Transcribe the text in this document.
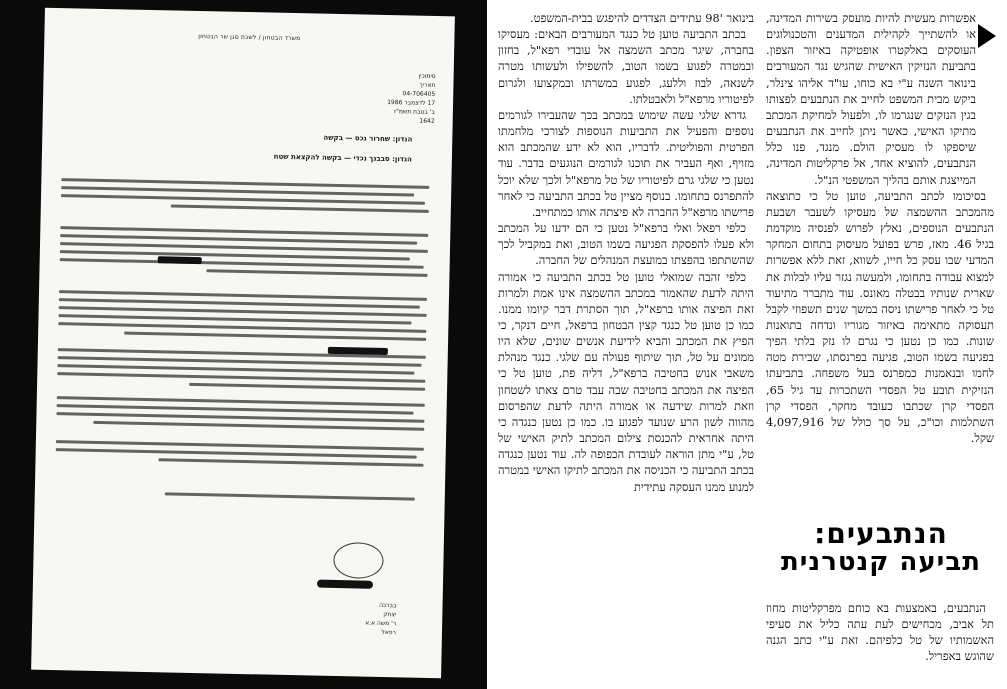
משרד הבטחון / לשכת סגן שר הבטחון
סימוכין
תאריך
04-706405
17 לדצמבר 1986
ב' בטבת תשמ"ז
1642
הנדון: שחרור נכס — בקשה
הנדון: סבבנך נכדי — בקשה להקצאת שטח
בברכה
יצחק
ר' משה א.א
רפאל

בינואר '98 עתידים הצדדים להיפגש בבית-המשפט.

בכתב התביעה טוען טל כנגד המעורבים הבאים: מעסיקו בחברה, שיגר מכתב השמצה אל עובדי רפא"ל, בחזון ובמטרה לפגוע בשמו הטוב, להשפילו ולעשותו מטרה לשנאה, לבוז וללעג, לפגוע במשרתו ובמקצועו ולגרום לפיטוריו מרפא"ל ולאבטלתו.

גדרא שלגי עשה שימוש במכתב בכך שהעבירו לגורמים נוספים והפעיל את התביעות הנוספות לצורכי מלחמתו הפרטית והפוליטית. לדבריו, הוא לא ידע שהמכתב הוא מזויף, ואף העביר את תוכנו לגורמים הנוגעים בדבר. עוד נטען כי שלגי גרם לפיטוריו של טל מרפא"ל ולכך שלא יוכל להתפרנס בתחומו. בנוסף מציין טל בכתב התביעה כי לאחר פרישתו מרפא"ל החברה לא פיצתה אותו כמתחייב.

כלפי רפאל ואלי ברפא"ל נטען כי הם ידעו על המכתב ולא פעלו להפסקת הפגיעה בשמו הטוב, ואת במקביל לכך שהשתתפו בהפצתו במועצת המנהלים של החברה.

כלפי זהבה שמואלי טוען טל בכתב התביעה כי אמורה היתה לדעת שהאמור במכתב ההשמצה אינו אמת ולמרות זאת הפיצה אותו ברפא"ל, תוך הסתרת דבר קיומו ממנו. כמו כן טוען טל כנגד קצין הבטחון ברפאל, חיים דנקר, כי הפיץ את המכתב והביא לידיעת אנשים שונים, שלא היו ממונים על טל, תוך שיתוף פעולה עם שלגי. כנגד מנהלת משאבי אנוש בחטיבה ברפא"ל, דליה פת, טוען טל כי הפיצה את המכתב בחטיבה שבה עבד טרם צאתו לשטחון וזאת למרות שידעה או אמורה היתה לדעת שהפרסום מהווה לשון הרע שנועד לפגוע בו. כמו כן נטען כנגדה כי היתה אחראית להכנסת צילום המכתב לתיק האישי של טל, ע"י מתן הוראה לעובדת הכפופה לה. עוד נטען כנגדה בכתב התביעה כי הכניסה את המכתב לתיקו האישי במטרה למנוע ממנו העסקה עתידית

אפשרות מעשית להיות מועסק בשירות המדינה, או להשתייך לקהילית המדענים והטכנולוגים העוסקים באלקטרו אופטיקה באיזור הצפון. בתביעת הנזיקין האישית שהגיש נגד המעורבים בינואר השנה ע"י בא כוחו, עו"ד אליהו צינלר, ביקש מבית המשפט לחייב את הנתבעים לפצותו בגין הנזקים שנגרמו לו, ולפעול למחיקת המכתב מתיקו האישי, כאשר ניתן לחייב את הנתבעים שיספקו לו מעסיק הולם. מנגד, פנו כלל הנתבעים, להוציא אחד, אל פרקליטות המדינה, המייצגת אותם בהליך המשפטי הנ"ל.

בסיכומו לכתב התביעה, טוען טל כי כתוצאה מהמכתב ההשמצה של מעסיקו לשעבר ושבעת הנתבעים הנוספים, נאלץ לפרוש לפנסיה מוקדמת בגיל 46. מאז, פרש בפועל מעיסוק בתחום המחקר המדעי שבו עסק כל חייו, לשווא, זאת ללא אפשרות למצוא עבודה בתחומו, ולמעשה נגזר עליו לבלות את שארית שנותיו בבטלה מאונס. עוד מתברר מתיעוד טל כי לאחר פרישתו ניסה במשך שנים תשפוזי לקבל תעסוקה מתאימה באיזור מגוריו ונדחה בתואנות שונות. כמו כן נטען כי נגרם לו נזק בלתי הפיך בפגיעה בשמו הטוב, פגיעה בפרנסתו, שבירת מטה לחמו ובנאמנות כמפרנס בעל משפחה. בתביעתו הנזיקית תובע טל הפסדי השתכרות עד גיל 65, הפסדי קרן שכתבו כעובד מחקר, הפסדי קרן השתלמות וכו"כ, על סך כולל של 4,097,916 שקל.

הנתבעים:
תביעה קנטרנית

הנתבעים, באמצעות בא כוחם מפרקליטות מחוז תל אביב, מכחישים לעת עתה כליל את סעיפי האשמותיו של טל כלפיהם. זאת ע"י כתב הגנה שהוגש באפריל.
